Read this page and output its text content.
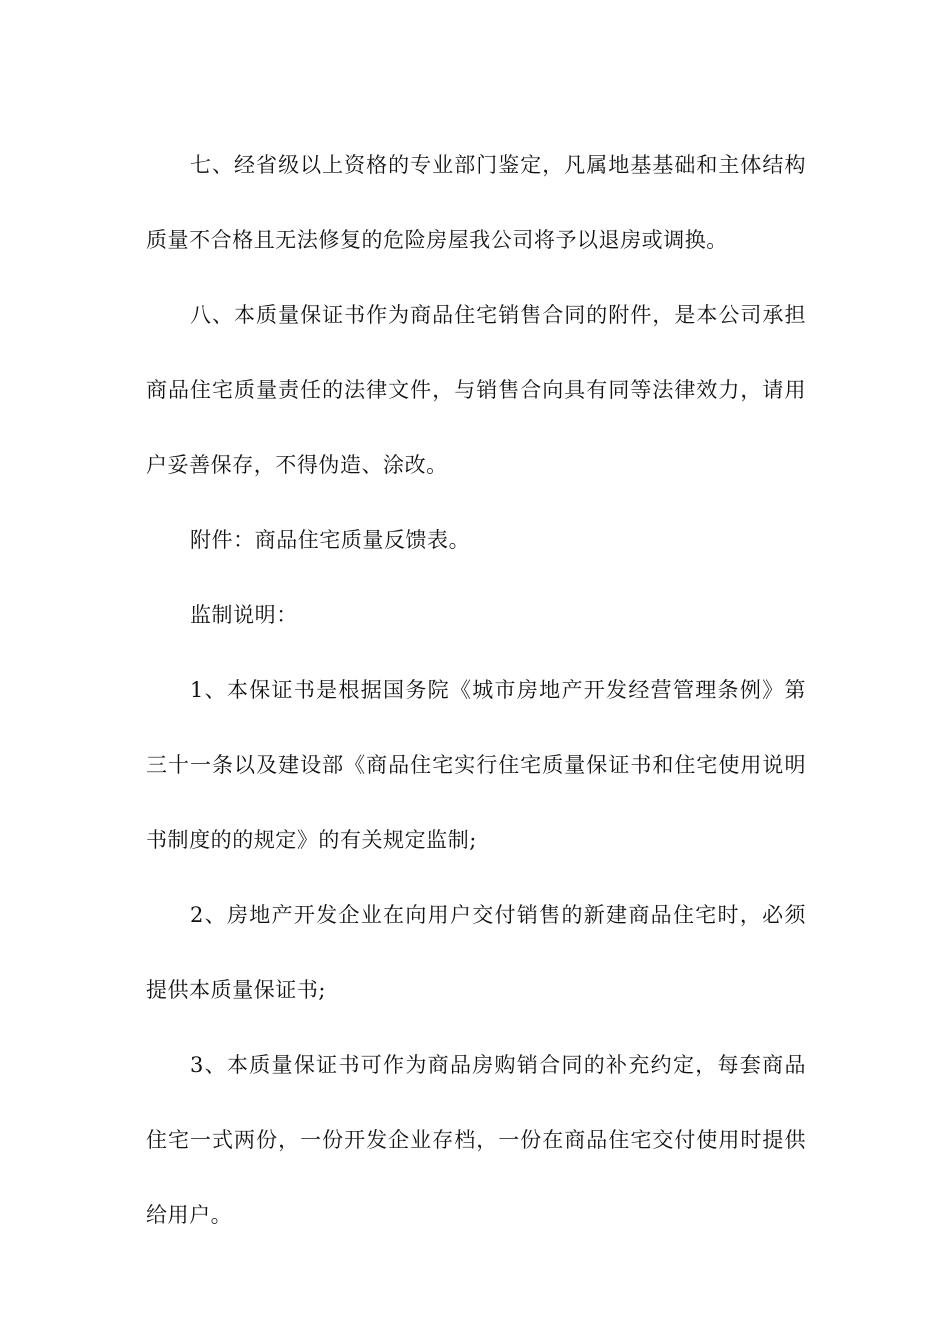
七、经省级以上资格的专业部门鉴定，凡属地基基础和主体结构质量不合格且无法修复的危险房屋我公司将予以退房或调换。

八、本质量保证书作为商品住宅销售合同的附件，是本公司承担商品住宅质量责任的法律文件，与销售合向具有同等法律效力，请用户妥善保存，不得伪造、涂改。

附件：商品住宅质量反馈表。

监制说明：

1、本保证书是根据国务院《城市房地产开发经营管理条例》第三十一条以及建设部《商品住宅实行住宅质量保证书和住宅使用说明书制度的的规定》的有关规定监制;

2、房地产开发企业在向用户交付销售的新建商品住宅时，必须提供本质量保证书;

3、本质量保证书可作为商品房购销合同的补充约定，每套商品住宅一式两份，一份开发企业存档，一份在商品住宅交付使用时提供给用户。
